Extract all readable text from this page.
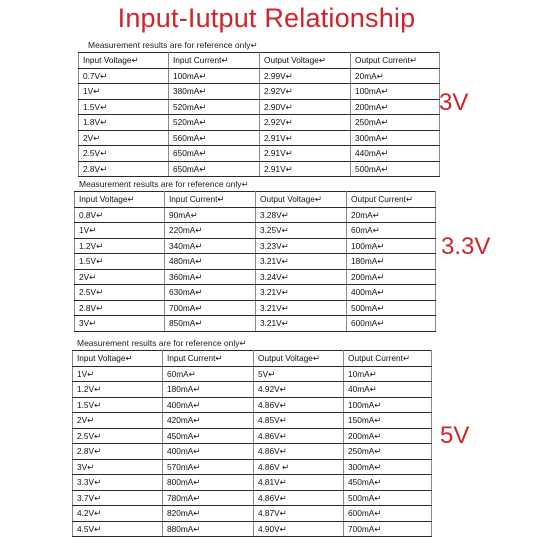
Input-Iutput Relationship
Measurement results are for reference only↵
Input Voltage↵	Input Current↵	Output Voltage↵	Output Current↵
0.7V↵	100mA↵	2.99V↵	20mA↵
1V↵	380mA↵	2.92V↵	100mA↵
1.5V↵	520mA↵	2.90V↵	200mA↵
1.8V↵	520mA↵	2.92V↵	250mA↵
2V↵	560mA↵	2.91V↵	300mA↵
2.5V↵	650mA↵	2.91V↵	440mA↵
2.8V↵	650mA↵	2.91V↵	500mA↵
3V
Measurement results are for reference only↵
Input Voltage↵	Input Current↵	Output Voltage↵	Output Current↵
0.8V↵	90mA↵	3.28V↵	20mA↵
1V↵	220mA↵	3.25V↵	60mA↵
1.2V↵	340mA↵	3.23V↵	100mA↵
1.5V↵	480mA↵	3.21V↵	180mA↵
2V↵	360mA↵	3.24V↵	200mA↵
2.5V↵	630mA↵	3.21V↵	400mA↵
2.8V↵	700mA↵	3.21V↵	500mA↵
3V↵	850mA↵	3.21V↵	600mA↵
3.3V
Measurement results are for reference only↵
Input Voltage↵	Input Current↵	Output Voltage↵	Output Current↵
1V↵	60mA↵	5V↵	10mA↵
1.2V↵	180mA↵	4.92V↵	40mA↵
1.5V↵	400mA↵	4.86V↵	100mA↵
2V↵	420mA↵	4.85V↵	150mA↵
2.5V↵	450mA↵	4.86V↵	200mA↵
2.8V↵	400mA↵	4.86V↵	250mA↵
3V↵	570mA↵	4.86V ↵	300mA↵
3.3V↵	800mA↵	4.81V↵	450mA↵
3.7V↵	780mA↵	4.86V↵	500mA↵
4.2V↵	820mA↵	4.87V↵	600mA↵
4.5V↵	880mA↵	4.90V↵	700mA↵
5V
